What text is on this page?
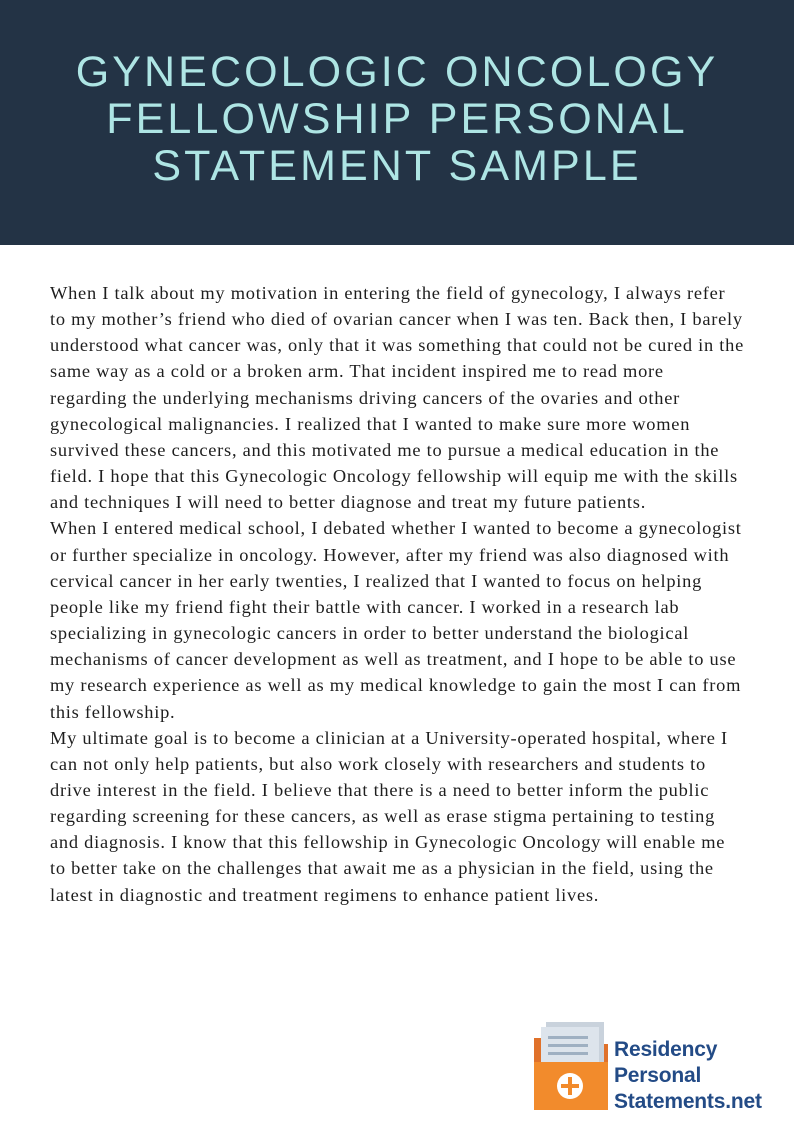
GYNECOLOGIC ONCOLOGY
FELLOWSHIP PERSONAL
STATEMENT SAMPLE

When I talk about my motivation in entering the field of gynecology, I always refer to my mother’s friend who died of ovarian cancer when I was ten. Back then, I barely understood what cancer was, only that it was something that could not be cured in the same way as a cold or a broken arm. That incident inspired me to read more regarding the underlying mechanisms driving cancers of the ovaries and other gynecological malignancies. I realized that I wanted to make sure more women survived these cancers, and this motivated me to pursue a medical education in the field. I hope that this Gynecologic Oncology fellowship will equip me with the skills and techniques I will need to better diagnose and treat my future patients.

When I entered medical school, I debated whether I wanted to become a gynecologist or further specialize in oncology. However, after my friend was also diagnosed with cervical cancer in her early twenties, I realized that I wanted to focus on helping people like my friend fight their battle with cancer. I worked in a research lab specializing in gynecologic cancers in order to better understand the biological mechanisms of cancer development as well as treatment, and I hope to be able to use my research experience as well as my medical knowledge to gain the most I can from this fellowship.

My ultimate goal is to become a clinician at a University-operated hospital, where I can not only help patients, but also work closely with researchers and students to drive interest in the field. I believe that there is a need to better inform the public regarding screening for these cancers, as well as erase stigma pertaining to testing and diagnosis. I know that this fellowship in Gynecologic Oncology will enable me to better take on the challenges that await me as a physician in the field, using the latest in diagnostic and treatment regimens to enhance patient lives.

Residency
Personal
Statements.net
